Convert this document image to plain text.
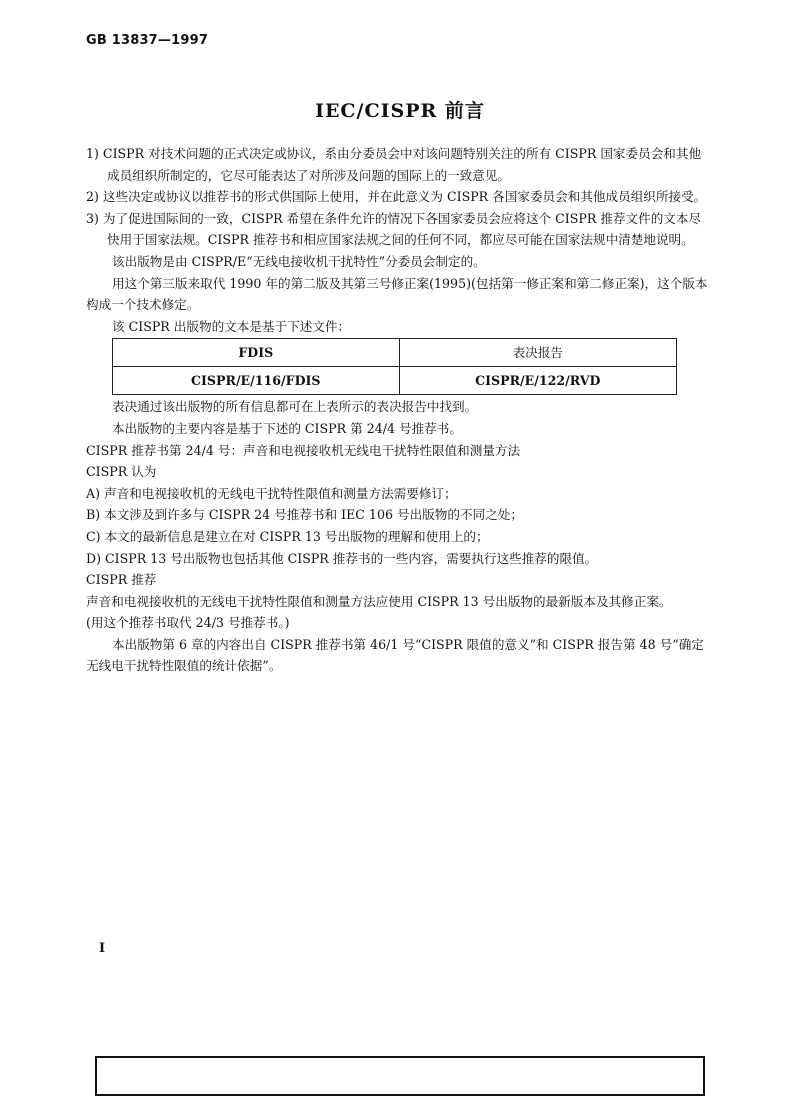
GB 13837—1997
IEC/CISPR 前言

1) CISPR 对技术问题的正式决定或协议，系由分委员会中对该问题特别关注的所有 CISPR 国家委员会和其他成员组织所制定的，它尽可能表达了对所涉及问题的国际上的一致意见。

2) 这些决定或协议以推荐书的形式供国际上使用，并在此意义为 CISPR 各国家委员会和其他成员组织所接受。

3) 为了促进国际间的一致，CISPR 希望在条件允许的情况下各国家委员会应将这个 CISPR 推荐文件的文本尽快用于国家法规。CISPR 推荐书和相应国家法规之间的任何不同，都应尽可能在国家法规中清楚地说明。

该出版物是由 CISPR/E“无线电接收机干扰特性”分委员会制定的。

用这个第三版来取代 1990 年的第二版及其第三号修正案(1995)(包括第一修正案和第二修正案)，这个版本构成一个技术修定。

该 CISPR 出版物的文本是基于下述文件：

FDIS	表决报告
CISPR/E/116/FDIS	CISPR/E/122/RVD

表决通过该出版物的所有信息都可在上表所示的表决报告中找到。

本出版物的主要内容是基于下述的 CISPR 第 24/4 号推荐书。

CISPR 推荐书第 24/4 号：声音和电视接收机无线电干扰特性限值和测量方法

CISPR 认为

A) 声音和电视接收机的无线电干扰特性限值和测量方法需要修订；

B) 本文涉及到许多与 CISPR 24 号推荐书和 IEC 106 号出版物的不同之处；

C) 本文的最新信息是建立在对 CISPR 13 号出版物的理解和使用上的；

D) CISPR 13 号出版物也包括其他 CISPR 推荐书的一些内容，需要执行这些推荐的限值。

CISPR 推荐

声音和电视接收机的无线电干扰特性限值和测量方法应使用 CISPR 13 号出版物的最新版本及其修正案。

(用这个推荐书取代 24/3 号推荐书。)

本出版物第 6 章的内容出自 CISPR 推荐书第 46/1 号“CISPR 限值的意义”和 CISPR 报告第 48 号“确定无线电干扰特性限值的统计依据”。

I
